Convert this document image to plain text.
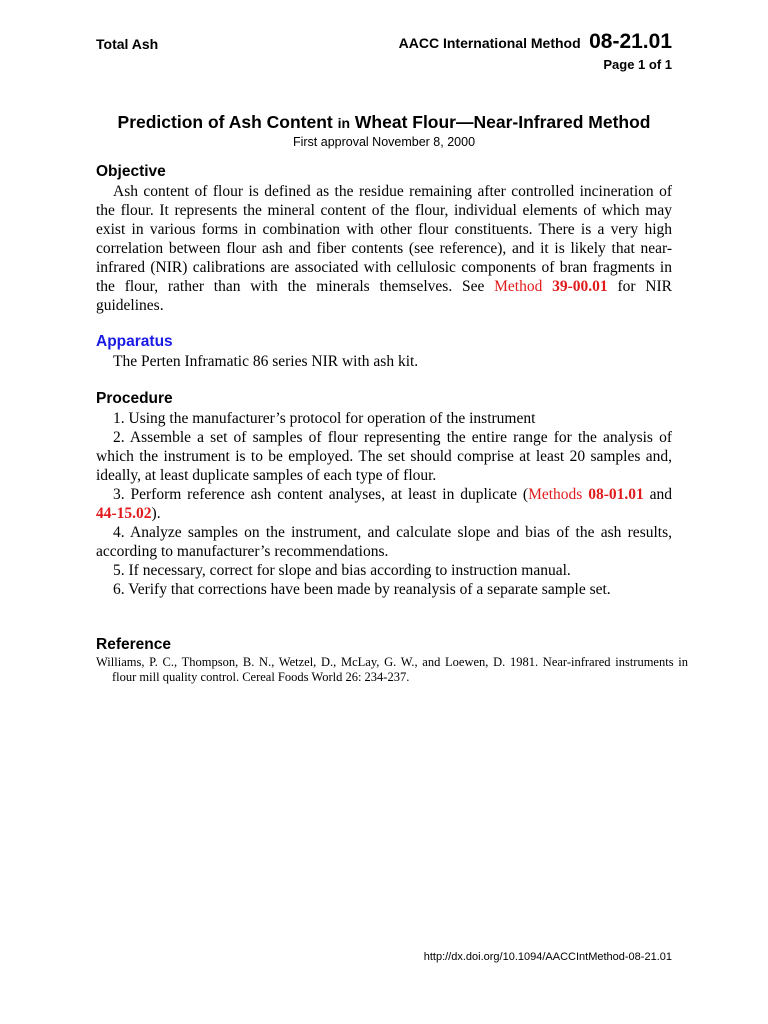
Total Ash	AACC International Method 08-21.01
Page 1 of 1
Prediction of Ash Content in Wheat Flour—Near-Infrared Method
First approval November 8, 2000
Objective

Ash content of flour is defined as the residue remaining after controlled incineration of the flour. It represents the mineral content of the flour, individual elements of which may exist in various forms in combination with other flour constituents. There is a very high correlation between flour ash and fiber contents (see reference), and it is likely that near-infrared (NIR) calibrations are associated with cellulosic components of bran fragments in the flour, rather than with the minerals themselves. See Method 39-00.01 for NIR guidelines.

Apparatus

The Perten Inframatic 86 series NIR with ash kit.

Procedure

1. Using the manufacturer’s protocol for operation of the instrument

2. Assemble a set of samples of flour representing the entire range for the analysis of which the instrument is to be employed. The set should comprise at least 20 samples and, ideally, at least duplicate samples of each type of flour.

3. Perform reference ash content analyses, at least in duplicate (Methods 08-01.01 and 44-15.02).

4. Analyze samples on the instrument, and calculate slope and bias of the ash results, according to manufacturer’s recommendations.

5. If necessary, correct for slope and bias according to instruction manual.

6. Verify that corrections have been made by reanalysis of a separate sample set.

Reference
Williams, P. C., Thompson, B. N., Wetzel, D., McLay, G. W., and Loewen, D. 1981. Near-infrared instruments in flour mill quality control. Cereal Foods World 26: 234-237.
http://dx.doi.org/10.1094/AACCIntMethod-08-21.01
